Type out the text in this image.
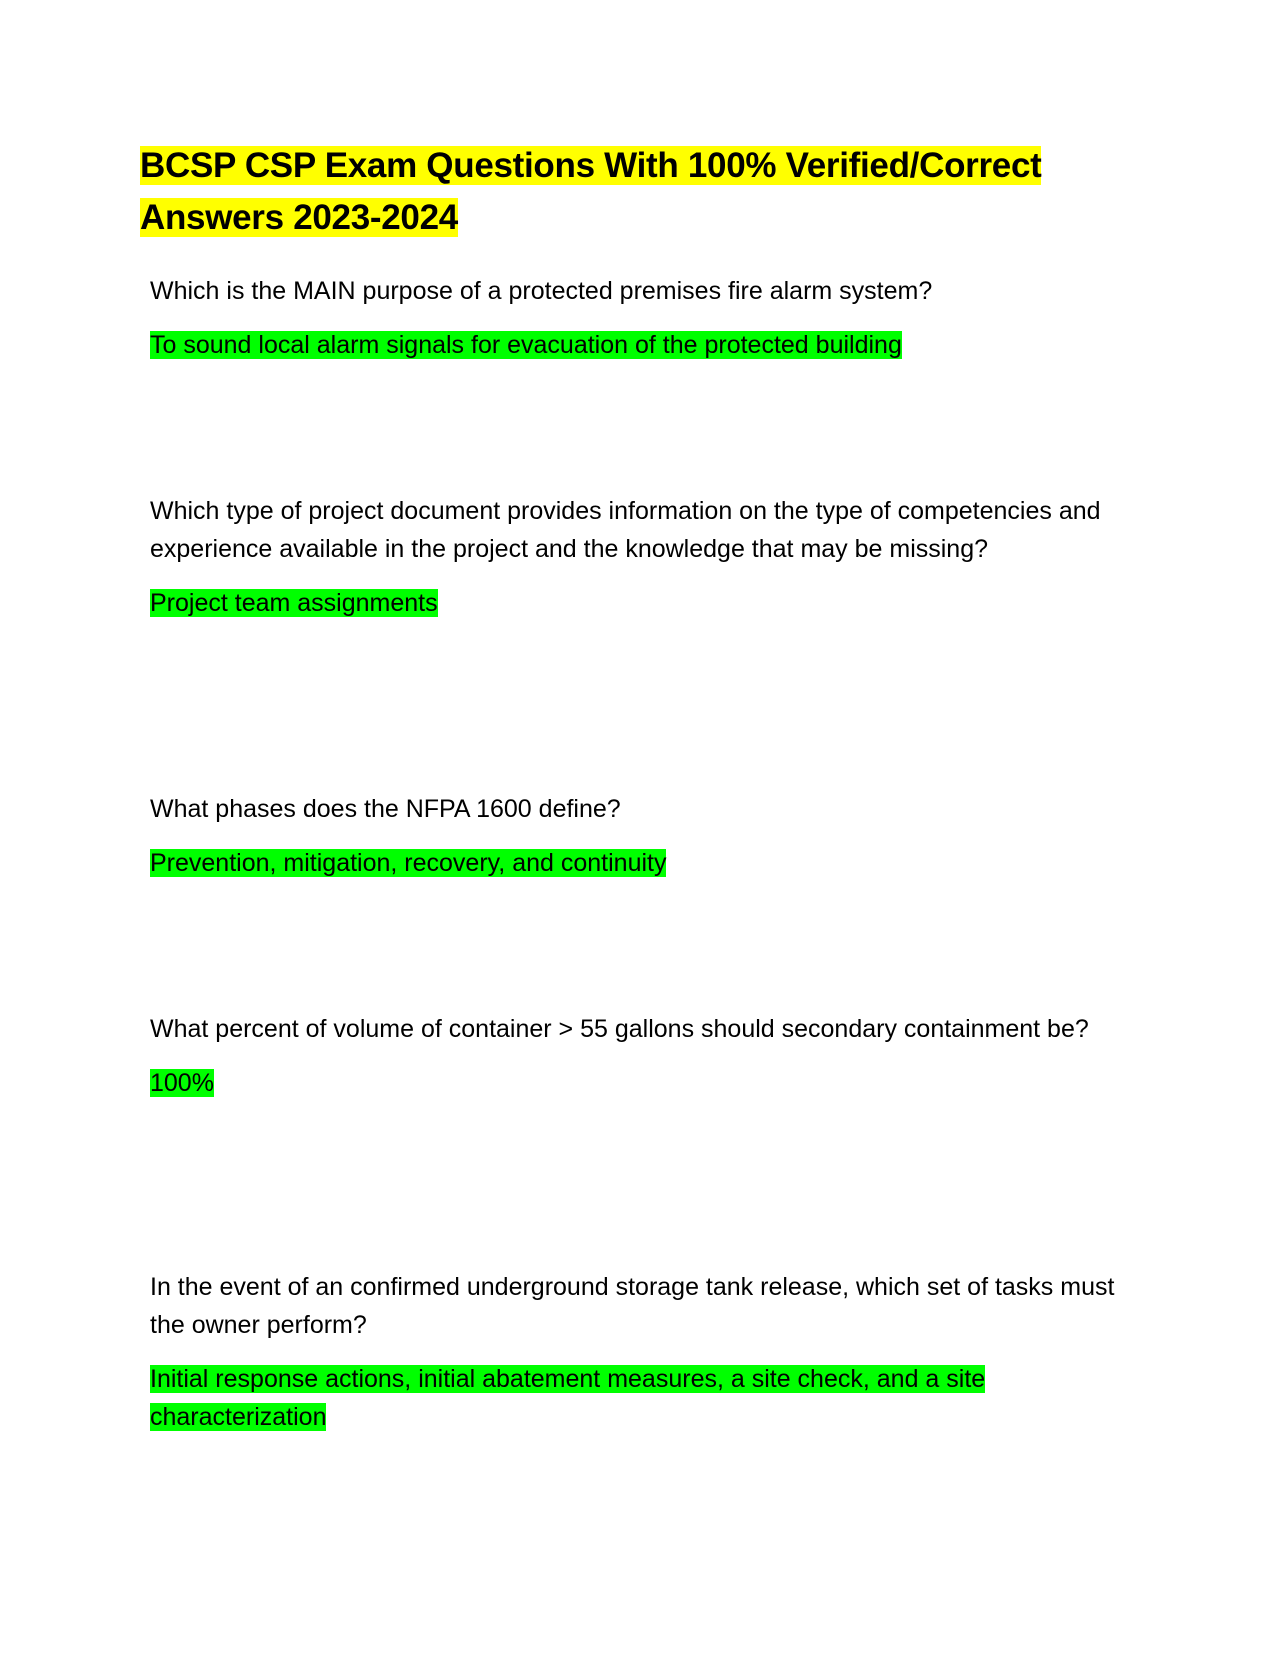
BCSP CSP Exam Questions With 100% Verified/Correct Answers 2023-2024

Which is the MAIN purpose of a protected premises fire alarm system?

To sound local alarm signals for evacuation of the protected building

Which type of project document provides information on the type of competencies and experience available in the project and the knowledge that may be missing?

Project team assignments

What phases does the NFPA 1600 define?

Prevention, mitigation, recovery, and continuity

What percent of volume of container > 55 gallons should secondary containment be?

100%

In the event of an confirmed underground storage tank release, which set of tasks must the owner perform?

Initial response actions, initial abatement measures, a site check, and a site characterization
